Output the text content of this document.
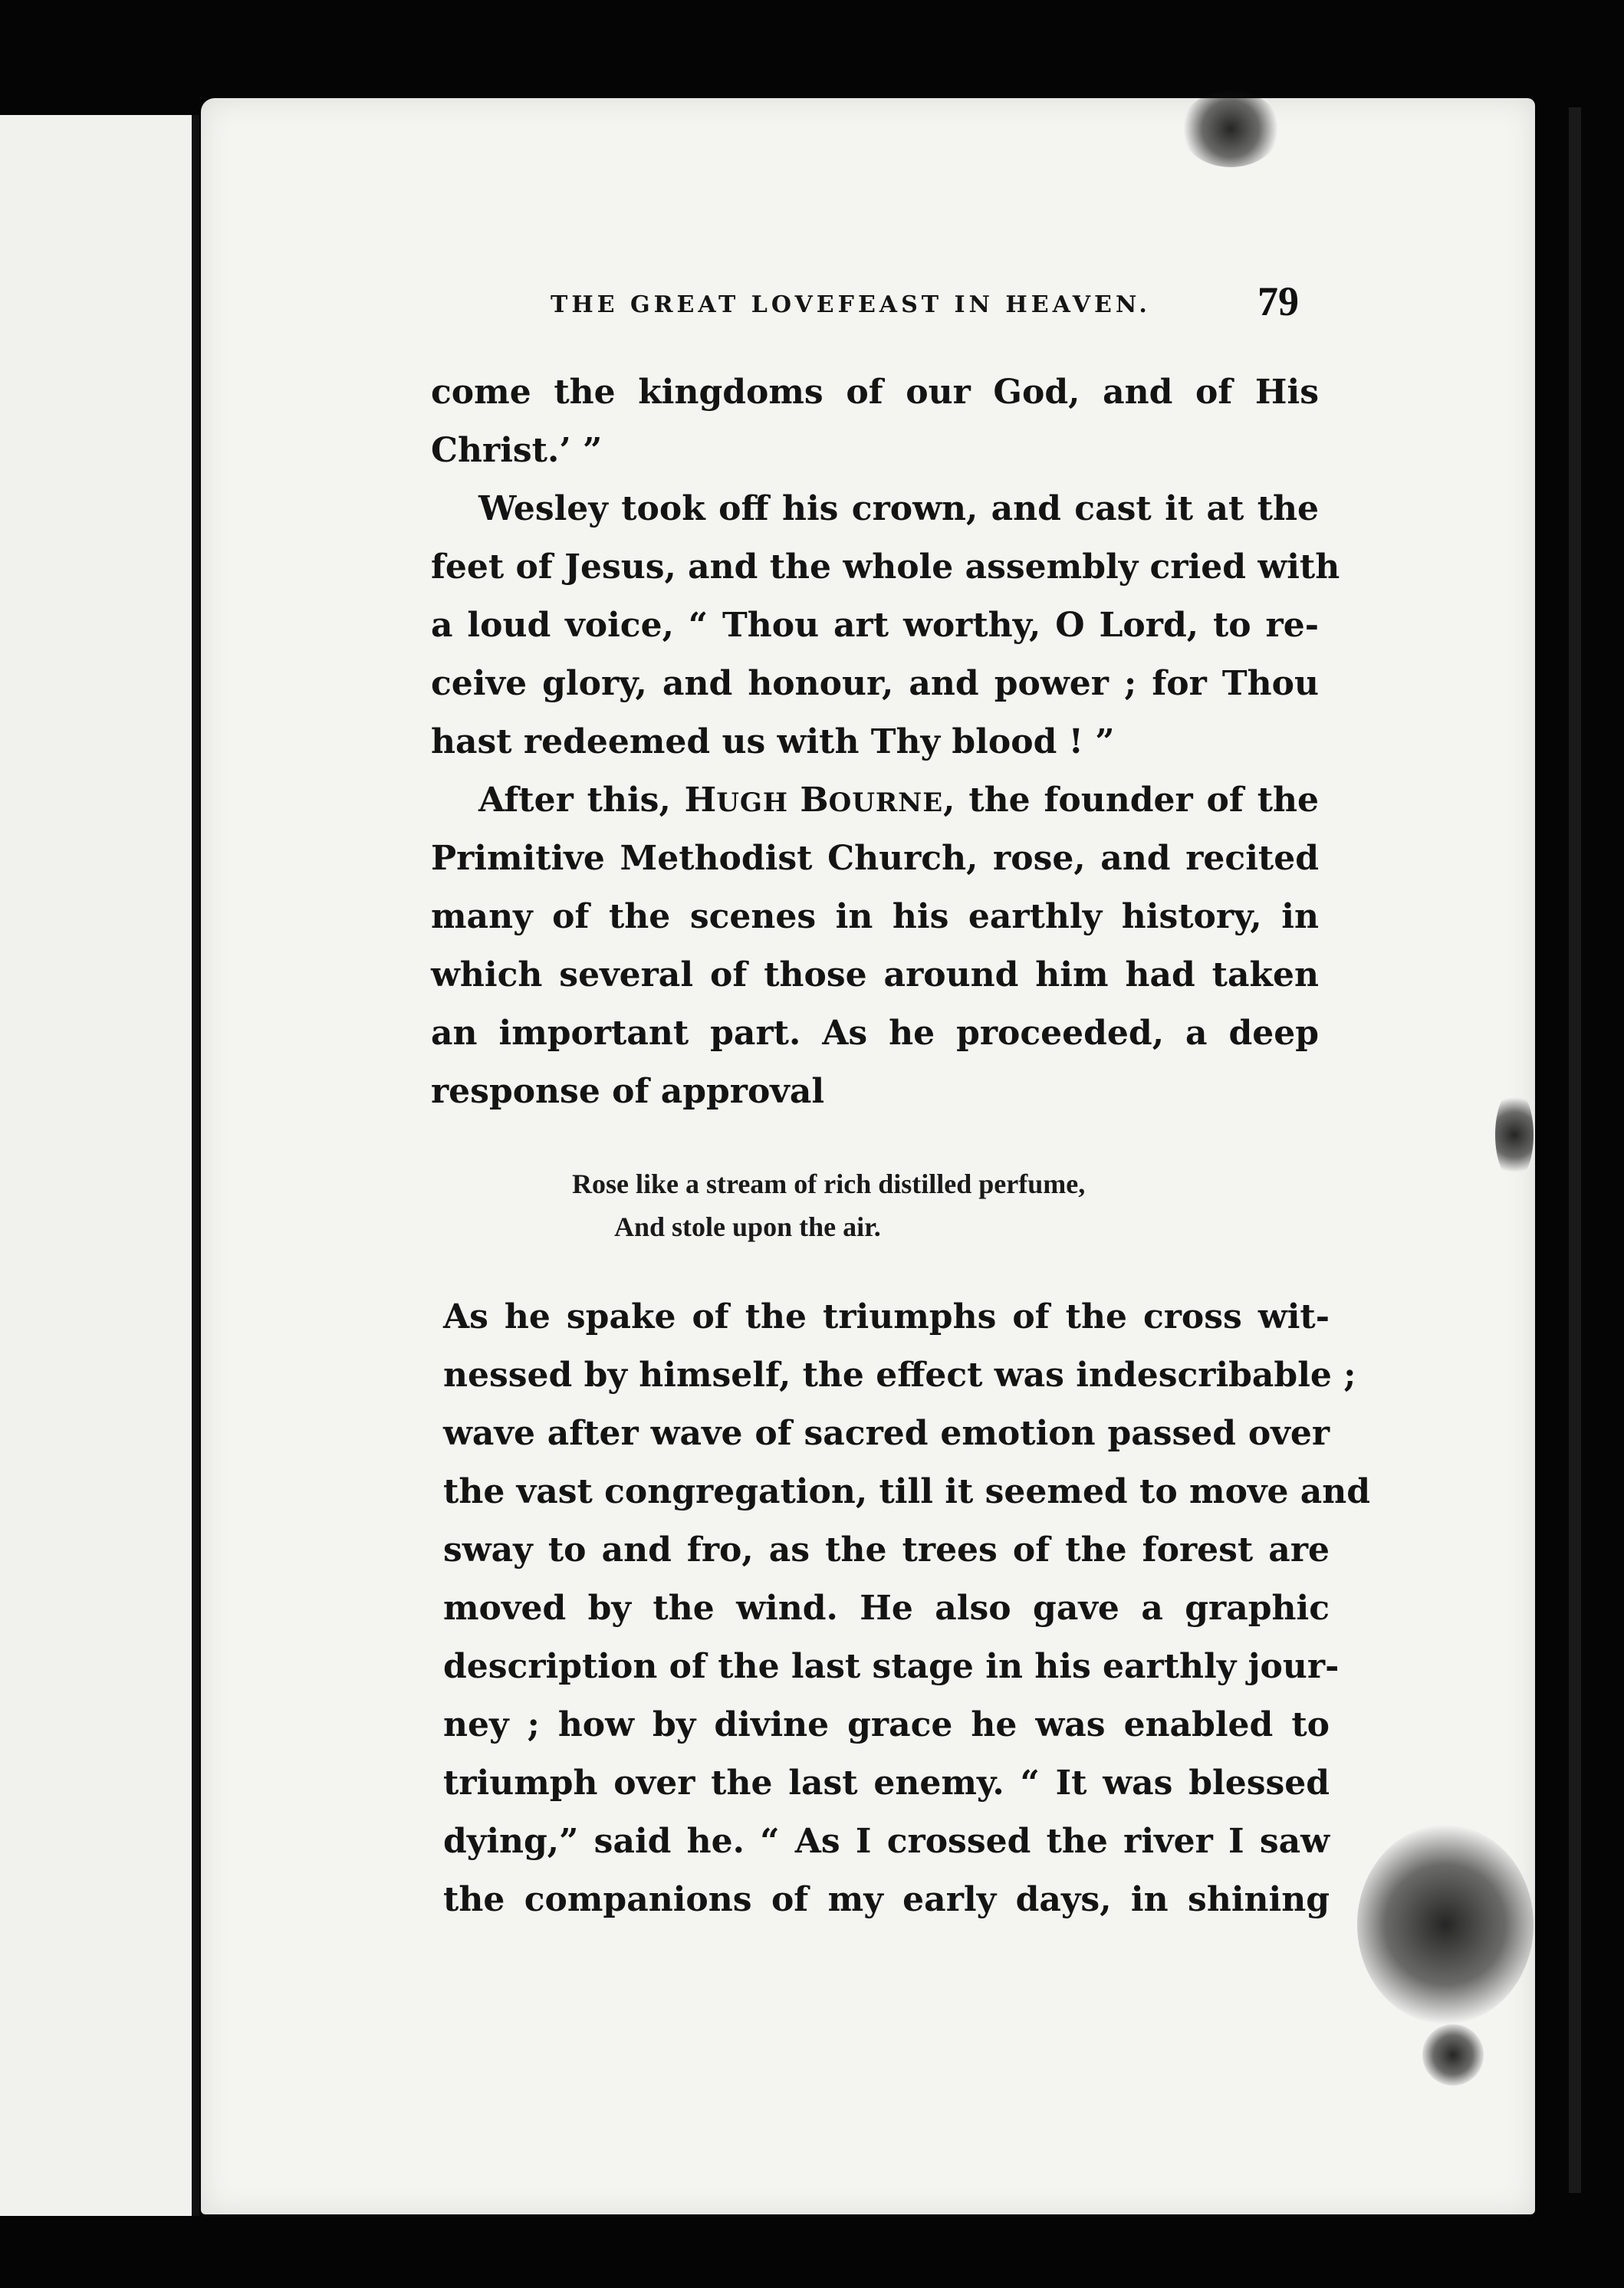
THE GREAT LOVEFEAST IN HEAVEN.	79
come the kingdoms of our God, and of His
Christ.’ ”
Wesley took off his crown, and cast it at the
feet of Jesus, and the whole assembly cried with
a loud voice, “ Thou art worthy, O Lord, to re-
ceive glory, and honour, and power ; for Thou
hast redeemed us with Thy blood ! ”
After this, HUGH BOURNE, the founder of the
Primitive Methodist Church, rose, and recited
many of the scenes in his earthly history, in
which several of those around him had taken
an important part. As he proceeded, a deep
response of approval
Rose like a stream of rich distilled perfume,
And stole upon the air.
As he spake of the triumphs of the cross wit-
nessed by himself, the effect was indescribable ;
wave after wave of sacred emotion passed over
the vast congregation, till it seemed to move and
sway to and fro, as the trees of the forest are
moved by the wind. He also gave a graphic
description of the last stage in his earthly jour-
ney ; how by divine grace he was enabled to
triumph over the last enemy. “ It was blessed
dying,” said he. “ As I crossed the river I saw
the companions of my early days, in shining
